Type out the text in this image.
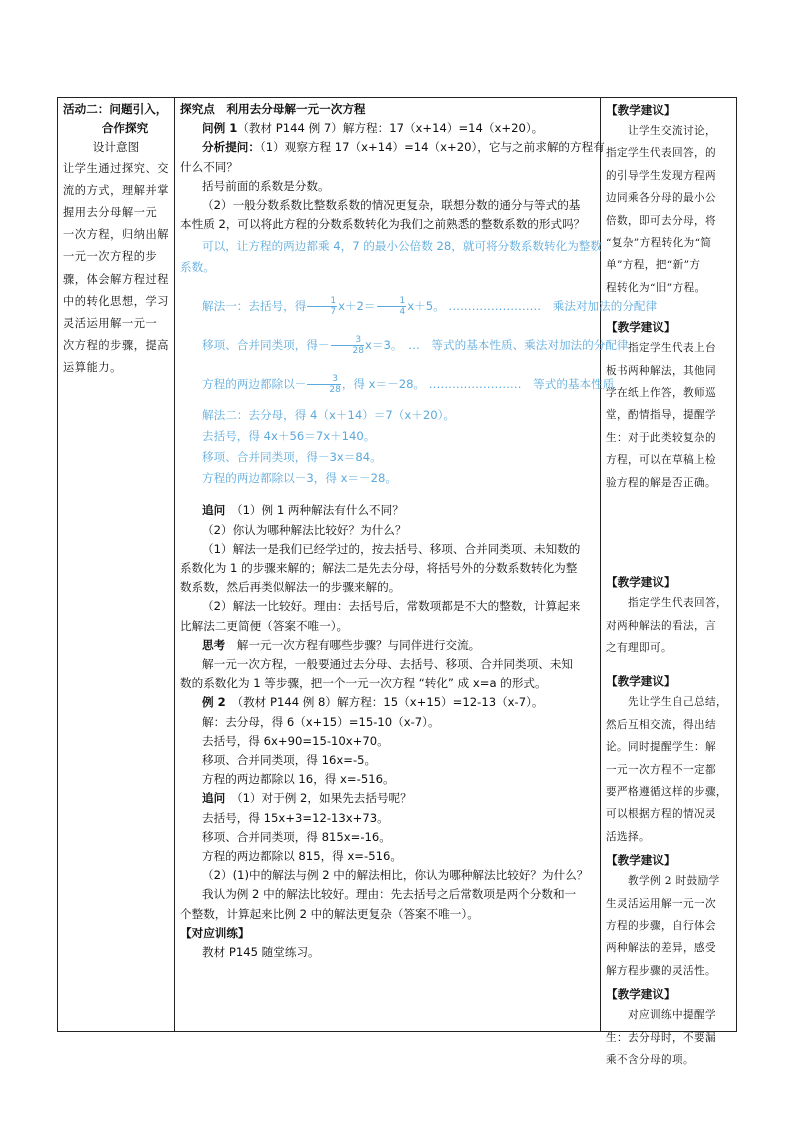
活动二：问题引入，
合作探究
设计意图
让学生通过探究、交
流的方式，理解并掌
握用去分母解一元
一次方程，归纳出解
一元一次方程的步
骤，体会解方程过程
中的转化思想，学习
灵活运用解一元一
次方程的步骤，提高
运算能力。
探究点　利用去分母解一元一次方程
问例 1（教材 P144 例 7）解方程：17（x+14）=14（x+20）。
分析提问：（1）观察方程 17（x+14）=14（x+20），它与之前求解的方程有
什么不同？
括号前面的系数是分数。
（2）一般分数系数比整数系数的情况更复杂，联想分数的通分与等式的基
本性质 2，可以将此方程的分数系数转化为我们之前熟悉的整数系数的形式吗？
可以，让方程的两边都乘 4，7 的最小公倍数 28，就可将分数系数转化为整数
系数。
解法一：去括号，得 $\frac{1}{7} x+2= \frac{1}{4} x+5$。 ……………………　 乘法对加法的分配律
移项、合并同类项，得－ $\frac{3}{28} x=3$。　…　等式的基本性质、乘法对加法的分配律
方程的两边都除以－ $\frac{3}{28}$ ，得 x＝－28。 ……………………　 等式的基本性质
解法二：去分母，得 4（x＋14）＝7（x＋20）。
去括号，得 4x＋56＝7x＋140。
移项、合并同类项，得－3x＝84。
方程的两边都除以－3，得 x＝－28。
追问　（1）例 1 两种解法有什么不同？
（2）你认为哪种解法比较好？为什么？
（1）解法一是我们已经学过的，按去括号、移项、合并同类项、未知数的
系数化为 1 的步骤来解的；解法二是先去分母，将括号外的分数系数转化为整
数系数，然后再类似解法一的步骤来解的。
（2）解法一比较好。理由：去括号后，常数项都是不大的整数，计算起来
比解法二更简便（答案不唯一）。
思考　解一元一次方程有哪些步骤？与同伴进行交流。
解一元一次方程，一般要通过去分母、去括号、移项、合并同类项、未知
数的系数化为 1 等步骤，把一个一元一次方程 “转化” 成 x=a 的形式。
例 2　（教材 P144 例 8）解方程：15（x+15）=12-13（x-7）。
解：去分母，得 6（x+15）=15-10（x-7）。
去括号，得 6x+90=15-10x+70。
移项、合并同类项，得 16x=-5。
方程的两边都除以 16，得 x=-516。
追问　（1）对于例 2，如果先去括号呢？
去括号，得 15x+3=12-13x+73。
移项、合并同类项，得 815x=-16。
方程的两边都除以 815，得 x=-516。
（2）(1)中的解法与例 2 中的解法相比，你认为哪种解法比较好？为什么？
我认为例 2 中的解法比较好。理由：先去括号之后常数项是两个分数和一
个整数，计算起来比例 2 中的解法更复杂（答案不唯一）。
【对应训练】
教材 P145 随堂练习。
【教学建议】
让学生交流讨论，
指定学生代表回答，的
的引导学生发现方程两
边同乘各分母的最小公
倍数，即可去分母，将
“复杂”方程转化为“简
单”方程，把“新”方
程转化为“旧”方程。
【教学建议】
指定学生代表上台
板书两种解法，其他同
学在纸上作答，教师巡
堂，酌情指导，提醒学
生：对于此类较复杂的
方程，可以在草稿上检
验方程的解是否正确。
【教学建议】
指定学生代表回答，
对两种解法的看法，言
之有理即可。
【教学建议】
先让学生自己总结，
然后互相交流，得出结
论。同时提醒学生：解
一元一次方程不一定都
要严格遵循这样的步骤，
可以根据方程的情况灵
活选择。
【教学建议】
教学例 2 时鼓励学
生灵活运用解一元一次
方程的步骤，自行体会
两种解法的差异，感受
解方程步骤的灵活性。
【教学建议】
对应训练中提醒学
生：去分母时，不要漏
乘不含分母的项。
